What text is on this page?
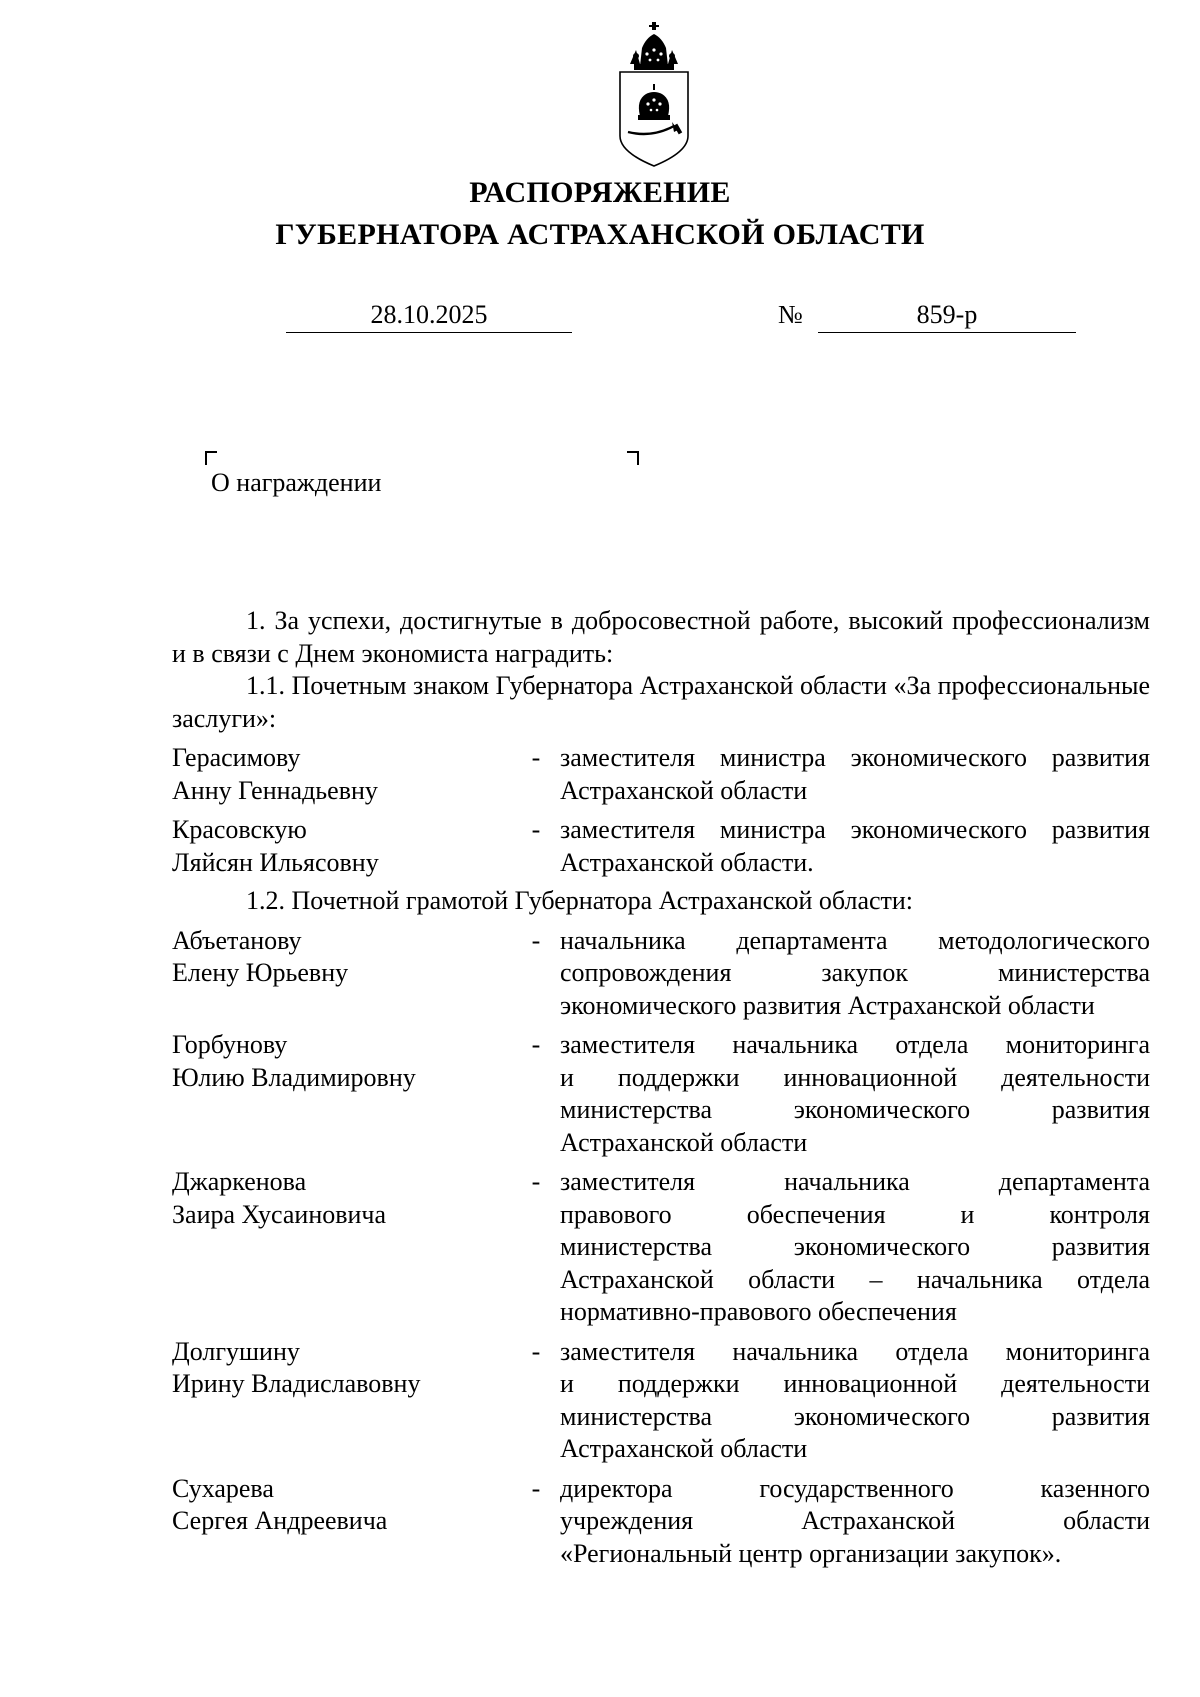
РАСПОРЯЖЕНИЕ
ГУБЕРНАТОРА АСТРАХАНСКОЙ ОБЛАСТИ
28.10.2025	№	859-р
О награждении

1. За успехи, достигнутые в добросовестной работе, высокий профессионализм и в связи с Днем экономиста наградить:

1.1. Почетным знаком Губернатора Астраханской области «За профессиональные заслуги»:

Герасимову
Анну Геннадьевну
- заместителя министра экономического развития
Астраханской области
Красовскую
Ляйсян Ильясовну
- заместителя министра экономического развития
Астраханской области.

1.2. Почетной грамотой Губернатора Астраханской области:

Абъетанову
Елену Юрьевну
- начальника департамента методологического
сопровождения закупок министерства
экономического развития Астраханской области
Горбунову
Юлию Владимировну
- заместителя начальника отдела мониторинга
и поддержки инновационной деятельности
министерства экономического развития
Астраханской области
Джаркенова
Заира Хусаиновича
- заместителя начальника департамента
правового обеспечения и контроля
министерства экономического развития
Астраханской области – начальника отдела
нормативно-правового обеспечения
Долгушину
Ирину Владиславовну
- заместителя начальника отдела мониторинга
и поддержки инновационной деятельности
министерства экономического развития
Астраханской области
Сухарева
Сергея Андреевича
- директора государственного казенного
учреждения Астраханской области
«Региональный центр организации закупок».
